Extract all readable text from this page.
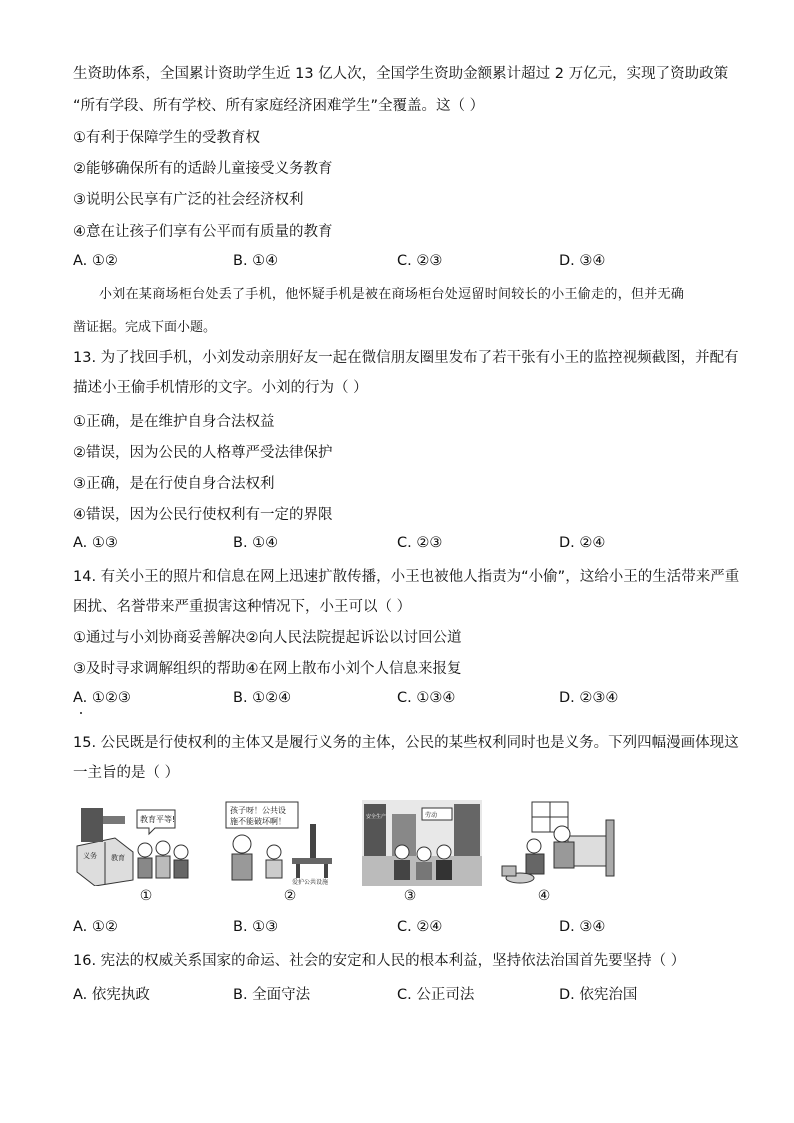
生资助体系，全国累计资助学生近 13 亿人次，全国学生资助金额累计超过 2 万亿元，实现了资助政策
“所有学段、所有学校、所有家庭经济困难学生”全覆盖。这（ ）
①有利于保障学生的受教育权
②能够确保所有的适龄儿童接受义务教育
③说明公民享有广泛的社会经济权利
④意在让孩子们享有公平而有质量的教育
A. ①②	B. ①④	C. ②③	D. ③④
小刘在某商场柜台处丢了手机，他怀疑手机是被在商场柜台处逗留时间较长的小王偷走的，但并无确
凿证据。完成下面小题。
13. 为了找回手机，小刘发动亲朋好友一起在微信朋友圈里发布了若干张有小王的监控视频截图，并配有
描述小王偷手机情形的文字。小刘的行为（ ）
①正确，是在维护自身合法权益
②错误，因为公民的人格尊严受法律保护
③正确，是在行使自身合法权利
④错误，因为公民行使权利有一定的界限
A. ①③	B. ①④	C. ②③	D. ②④
14. 有关小王的照片和信息在网上迅速扩散传播，小王也被他人指责为“小偷”，这给小王的生活带来严重
困扰、名誉带来严重损害这种情况下，小王可以（ ）
①通过与小刘协商妥善解决②向人民法院提起诉讼以讨回公道
③及时寻求调解组织的帮助④在网上散布小刘个人信息来报复
A. ①②③	B. ①②④	C. ①③④	D. ②③④
15. 公民既是行使权利的主体又是履行义务的主体，公民的某些权利同时也是义务。下列四幅漫画体现这
一主旨的是（ ）
义务 教育
教育平等!
孩子呀！公共设
施不能破坏啊！
爱护公共设施
安全生产	劳动
①	②	③	④
A. ①②	B. ①③	C. ②④	D. ③④
16. 宪法的权威关系国家的命运、社会的安定和人民的根本利益，坚持依法治国首先要坚持（ ）
A. 依宪执政	B. 全面守法	C. 公正司法	D. 依宪治国
